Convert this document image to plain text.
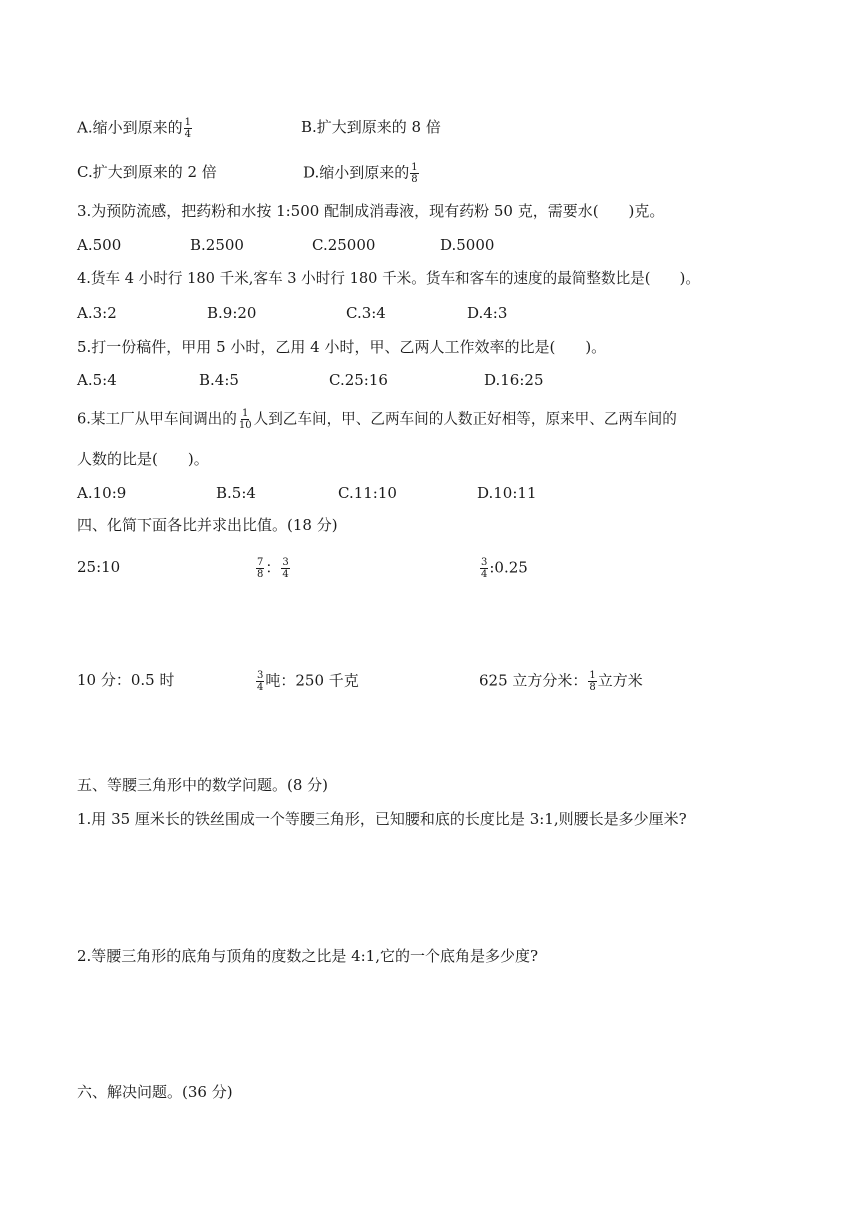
A.缩小到原来的 $\frac{1}{4}$	B.扩大到原来的 8 倍
C.扩大到原来的 2 倍	D.缩小到原来的 $\frac{1}{8}$
3.为预防流感，把药粉和水按 1:500 配制成消毒液，现有药粉 50 克，需要水(　　)克。
A.500	B.2500	C.25000	D.5000
4.货车 4 小时行 180 千米,客车 3 小时行 180 千米。货车和客车的速度的最简整数比是(　　)。
A.3:2	B.9:20	C.3:4	D.4:3
5.打一份稿件，甲用 5 小时，乙用 4 小时，甲、乙两人工作效率的比是(　　)。
A.5:4	B.4:5	C.25:16	D.16:25
6.某工厂从甲车间调出的 $\frac{1}{10}$ 人到乙车间，甲、乙两车间的人数正好相等，原来甲、乙两车间的
人数的比是(　　)。
A.10:9	B.5:4	C.11:10	D.10:11
四、化简下面各比并求出比值。(18 分)
25:10	$\frac{7}{8}$ ： $\frac{3}{4}$	$\frac{3}{4}$ :0.25
10 分：0.5 时	$\frac{3}{4}$ 吨：250 千克	625 立方分米： $\frac{1}{8}$ 立方米
五、等腰三角形中的数学问题。(8 分)
1.用 35 厘米长的铁丝围成一个等腰三角形，已知腰和底的长度比是 3:1,则腰长是多少厘米?
2.等腰三角形的底角与顶角的度数之比是 4:1,它的一个底角是多少度?
六、解决问题。(36 分)
